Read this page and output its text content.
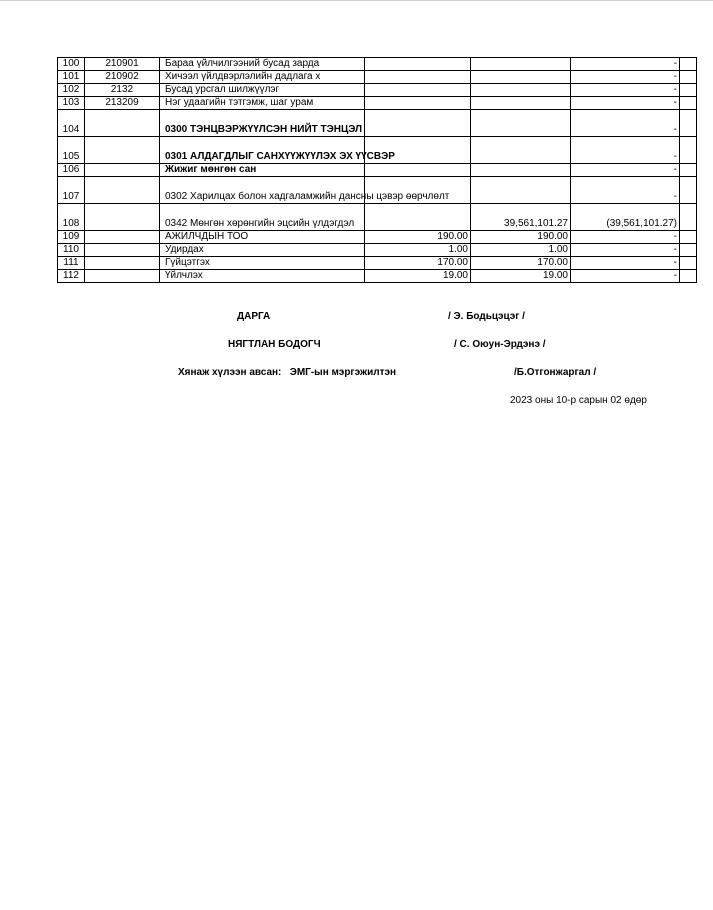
100	210901	Бараа үйлчилгээний бусад зарда			-	
101	210902	Хичээл үйлдвэрлэлийн дадлага х			-	
102	2132	Бусад урсгал шилжүүлэг			-	
103	213209	Нэг удаагийн тэтгэмж, шаг урам			-	
104		0300 ТЭНЦВЭРЖҮҮЛСЭН НИЙТ ТЭНЦЭЛ			-	
105		0301 АЛДАГДЛЫГ САНХҮҮЖҮҮЛЭХ ЭХ ҮҮСВЭР			-	
106		Жижиг мөнгөн сан			-	
107		0302 Харилцах болон хадгаламжийн дансны цэвэр өөрчлөлт			-	
108		0342 Мөнгөн хөрөнгийн эцсийн үлдэгдэл		39,561,101.27	(39,561,101.27)	
109		АЖИЛЧДЫН ТОО	190.00	190.00	-	
110		Удирдах	1.00	1.00	-	
111		Гүйцэтгэх	170.00	170.00	-	
112		Үйлчлэх	19.00	19.00	-	
ДАРГА	/ Э. Бодьцэцэг /
НЯГТЛАН БОДОГЧ	/ С. Оюун-Эрдэнэ /
Хянаж хүлээн авсан:   ЭМГ-ын мэргэжилтэн	/Б.Отгонжаргал /
2023 оны 10-р сарын 02 өдөр
